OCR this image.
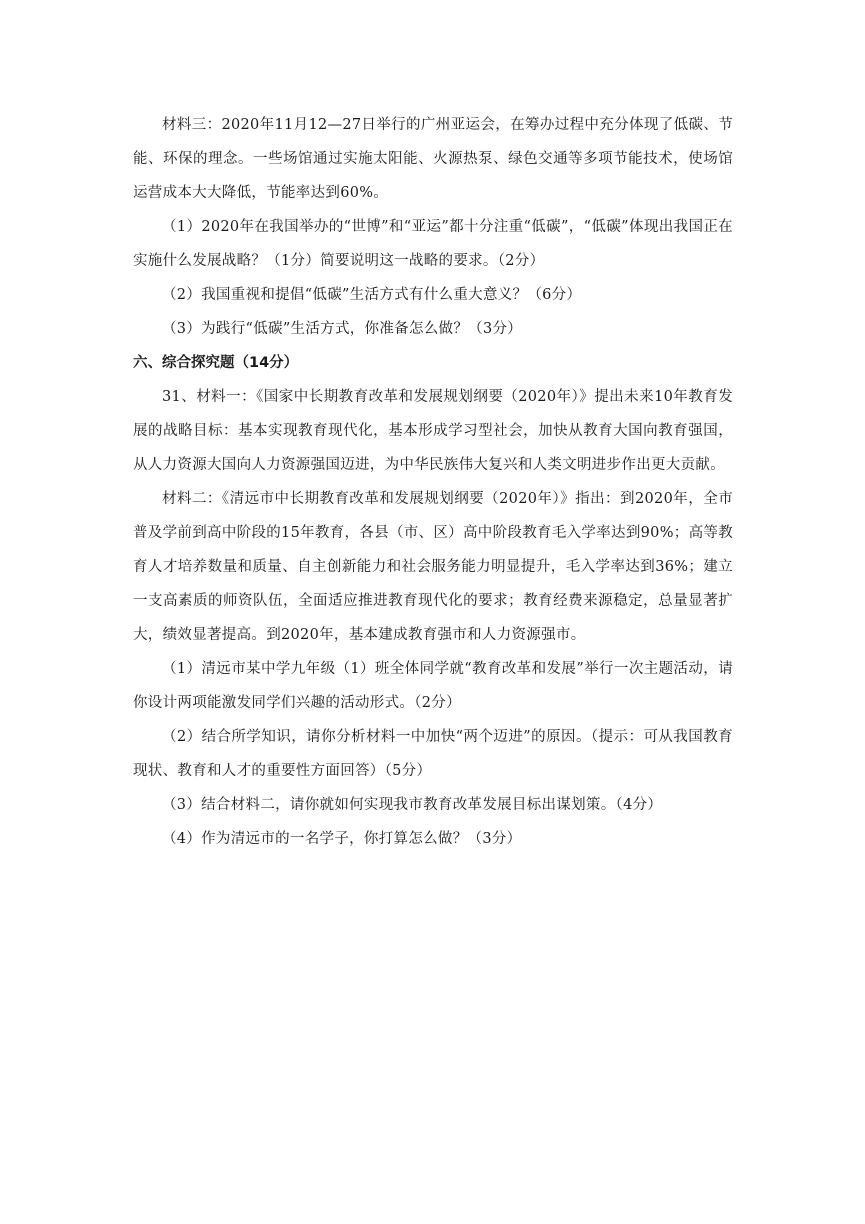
材料三：2020年11月12—27日举行的广州亚运会，在筹办过程中充分体现了低碳、节能、环保的理念。一些场馆通过实施太阳能、火源热泵、绿色交通等多项节能技术，使场馆运营成本大大降低，节能率达到60%。

（1）2020年在我国举办的“世博”和“亚运”都十分注重“低碳”，“低碳”体现出我国正在实施什么发展战略？（1分）简要说明这一战略的要求。（2分）

（2）我国重视和提倡“低碳”生活方式有什么重大意义？（6分）

（3）为践行“低碳”生活方式，你准备怎么做？（3分）

六、综合探究题（14分）

31、材料一：《国家中长期教育改革和发展规划纲要（2020年）》提出未来10年教育发展的战略目标：基本实现教育现代化，基本形成学习型社会，加快从教育大国向教育强国，从人力资源大国向人力资源强国迈进，为中华民族伟大复兴和人类文明进步作出更大贡献。

材料二：《清远市中长期教育改革和发展规划纲要（2020年）》指出：到2020年，全市普及学前到高中阶段的15年教育，各县（市、区）高中阶段教育毛入学率达到90%；高等教育人才培养数量和质量、自主创新能力和社会服务能力明显提升，毛入学率达到36%；建立一支高素质的师资队伍，全面适应推进教育现代化的要求；教育经费来源稳定，总量显著扩大，绩效显著提高。到2020年，基本建成教育强市和人力资源强市。

（1）清远市某中学九年级（1）班全体同学就“教育改革和发展”举行一次主题活动，请你设计两项能激发同学们兴趣的活动形式。（2分）

（2）结合所学知识，请你分析材料一中加快“两个迈进”的原因。（提示：可从我国教育现状、教育和人才的重要性方面回答）（5分）

（3）结合材料二，请你就如何实现我市教育改革发展目标出谋划策。（4分）

（4）作为清远市的一名学子，你打算怎么做？（3分）
